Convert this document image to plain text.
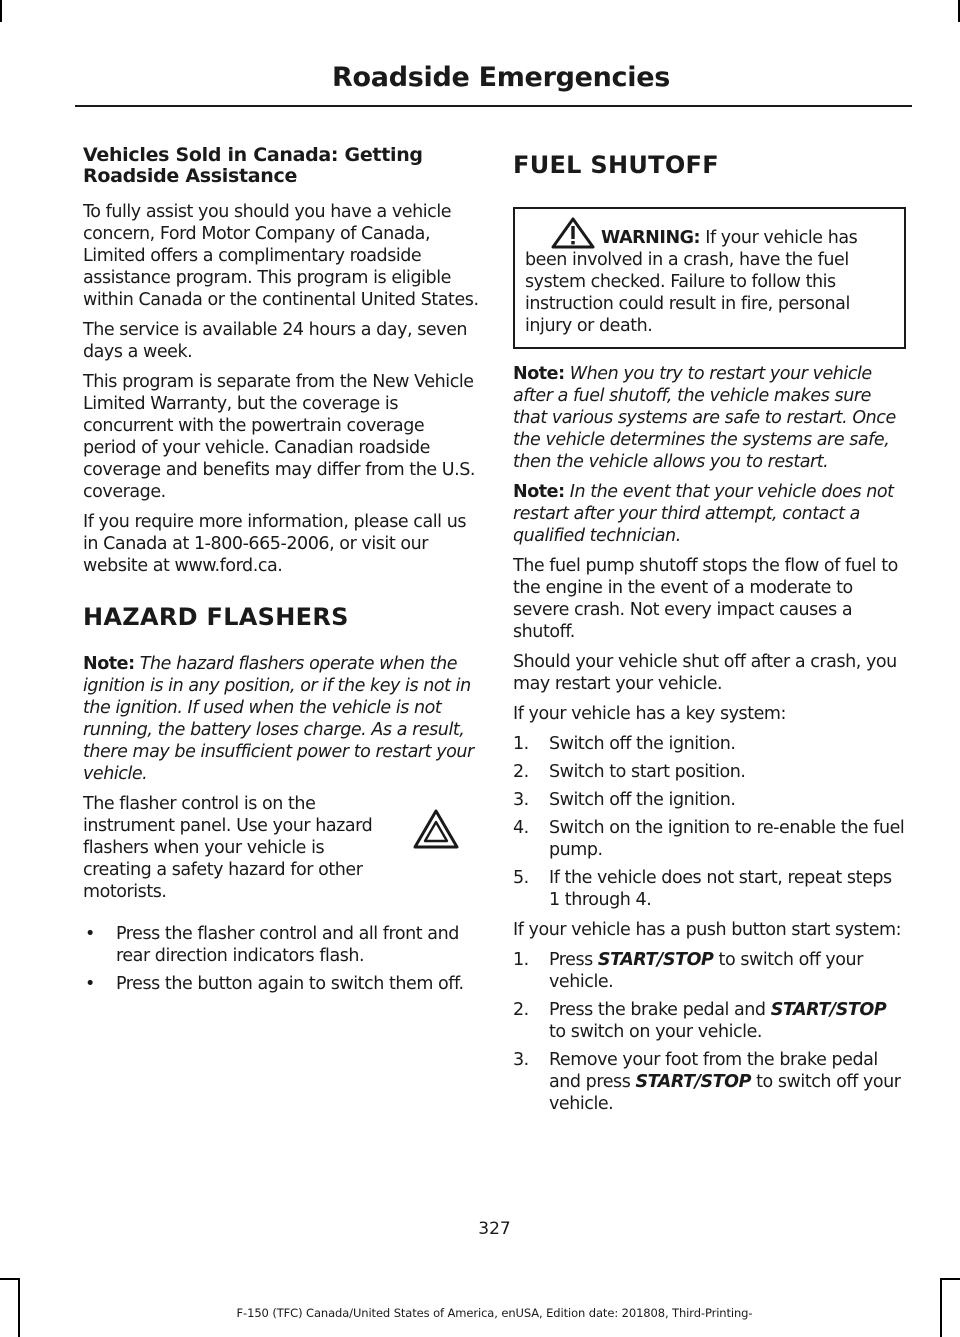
Roadside Emergencies
Vehicles Sold in Canada: Getting Roadside Assistance

To fully assist you should you have a vehicle concern, Ford Motor Company of Canada, Limited offers a complimentary roadside assistance program. This program is eligible within Canada or the continental United States.

The service is available 24 hours a day, seven days a week.

This program is separate from the New Vehicle Limited Warranty, but the coverage is concurrent with the powertrain coverage period of your vehicle. Canadian roadside coverage and benefits may differ from the U.S. coverage.

If you require more information, please call us in Canada at 1-800-665-2006, or visit our website at www.ford.ca.

HAZARD FLASHERS

Note: The hazard flashers operate when the ignition is in any position, or if the key is not in the ignition. If used when the vehicle is not running, the battery loses charge. As a result, there may be insufficient power to restart your vehicle.

The flasher control is on the instrument panel. Use your hazard flashers when your vehicle is creating a safety hazard for other motorists.

• Press the flasher control and all front and rear direction indicators flash.
• Press the button again to switch them off.
FUEL SHUTOFF

WARNING: If your vehicle has been involved in a crash, have the fuel system checked. Failure to follow this instruction could result in fire, personal injury or death.

Note: When you try to restart your vehicle after a fuel shutoff, the vehicle makes sure that various systems are safe to restart. Once the vehicle determines the systems are safe, then the vehicle allows you to restart.

Note: In the event that your vehicle does not restart after your third attempt, contact a qualified technician.

The fuel pump shutoff stops the flow of fuel to the engine in the event of a moderate to severe crash. Not every impact causes a shutoff.

Should your vehicle shut off after a crash, you may restart your vehicle.

If your vehicle has a key system:

1. Switch off the ignition.
2. Switch to start position.
3. Switch off the ignition.
4. Switch on the ignition to re-enable the fuel pump.
5. If the vehicle does not start, repeat steps 1 through 4.

If your vehicle has a push button start system:

1. Press START/STOP to switch off your vehicle.
2. Press the brake pedal and START/STOP to switch on your vehicle.
3. Remove your foot from the brake pedal and press START/STOP to switch off your vehicle.
327
F-150 (TFC) Canada/United States of America, enUSA, Edition date: 201808, Third-Printing-
